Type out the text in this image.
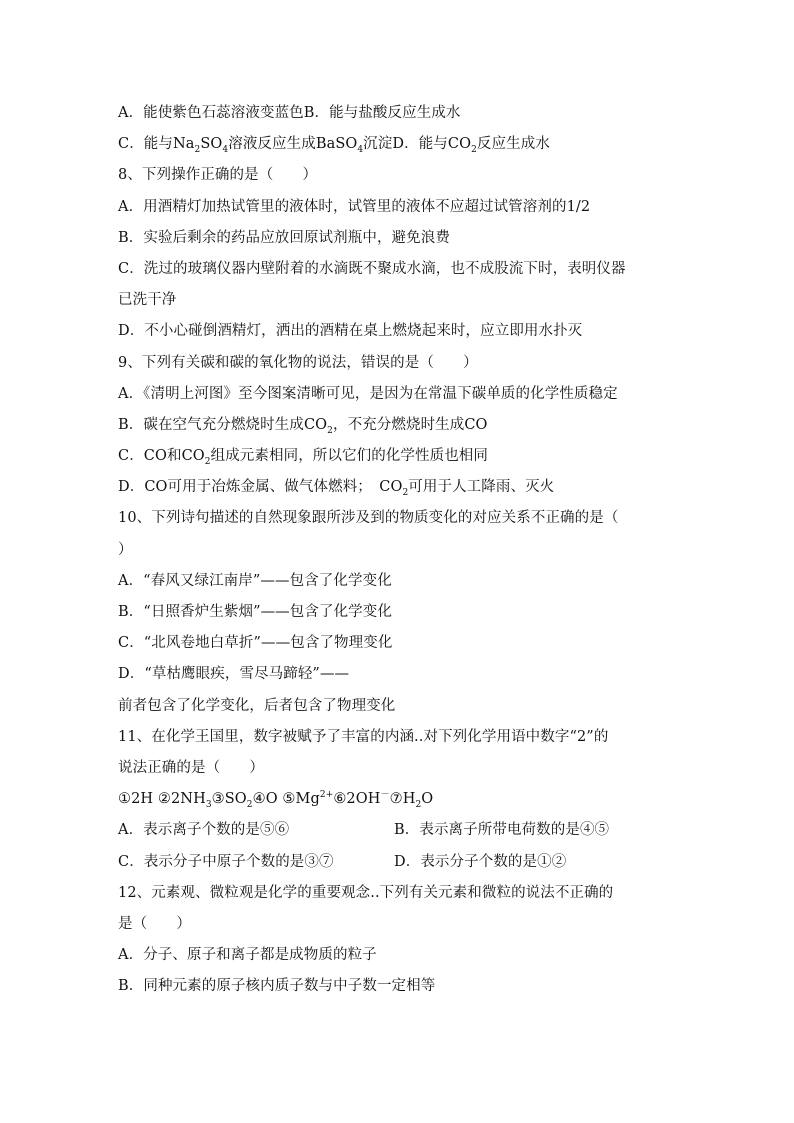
A．能使紫色石蕊溶液变蓝色B．能与盐酸反应生成水
C．能与$Na_2SO_4$溶液反应生成BaSO$_4$沉淀D．能与$CO_2$反应生成水
8、下列操作正确的是（　　）
A．用酒精灯加热试管里的液体时，试管里的液体不应超过试管溶剂的1/2
B．实验后剩余的药品应放回原试剂瓶中，避免浪费
C．洗过的玻璃仪器内壁附着的水滴既不聚成水滴，也不成股流下时，表明仪器
已洗干净
D．不小心碰倒酒精灯，洒出的酒精在桌上燃烧起来时，应立即用水扑灭
9、下列有关碳和碳的氧化物的说法，错误的是（　　）
A．《清明上河图》至今图案清晰可见，是因为在常温下碳单质的化学性质稳定
B．碳在空气充分燃烧时生成$CO_2$，不充分燃烧时生成CO
C．CO和$CO_2$组成元素相同，所以它们的化学性质也相同
D．CO可用于冶炼金属、做气体燃料；　$CO_2$可用于人工降雨、灭火
10、下列诗句描述的自然现象跟所涉及到的物质变化的对应关系不正确的是（
）
A．“春风又绿江南岸”——包含了化学变化
B．“日照香炉生紫烟”——包含了化学变化
C．“北风卷地白草折”——包含了物理变化
D．“草枯鹰眼疾，雪尽马蹄轻”——
前者包含了化学变化，后者包含了物理变化
11、在化学王国里，数字被赋予了丰富的内涵..对下列化学用语中数字“2”的
说法正确的是（　　）
①2H $②2NH_3③SO_2④O$ $⑤Mg^{2+}⑥2OH^-⑦H_2O$
A．表示离子个数的是⑤⑥	B．表示离子所带电荷数的是④⑤
C．表示分子中原子个数的是③⑦	D．表示分子个数的是①②
12、元素观、微粒观是化学的重要观念..下列有关元素和微粒的说法不正确的
是（　　）
A．分子、原子和离子都是成物质的粒子
B．同种元素的原子核内质子数与中子数一定相等
